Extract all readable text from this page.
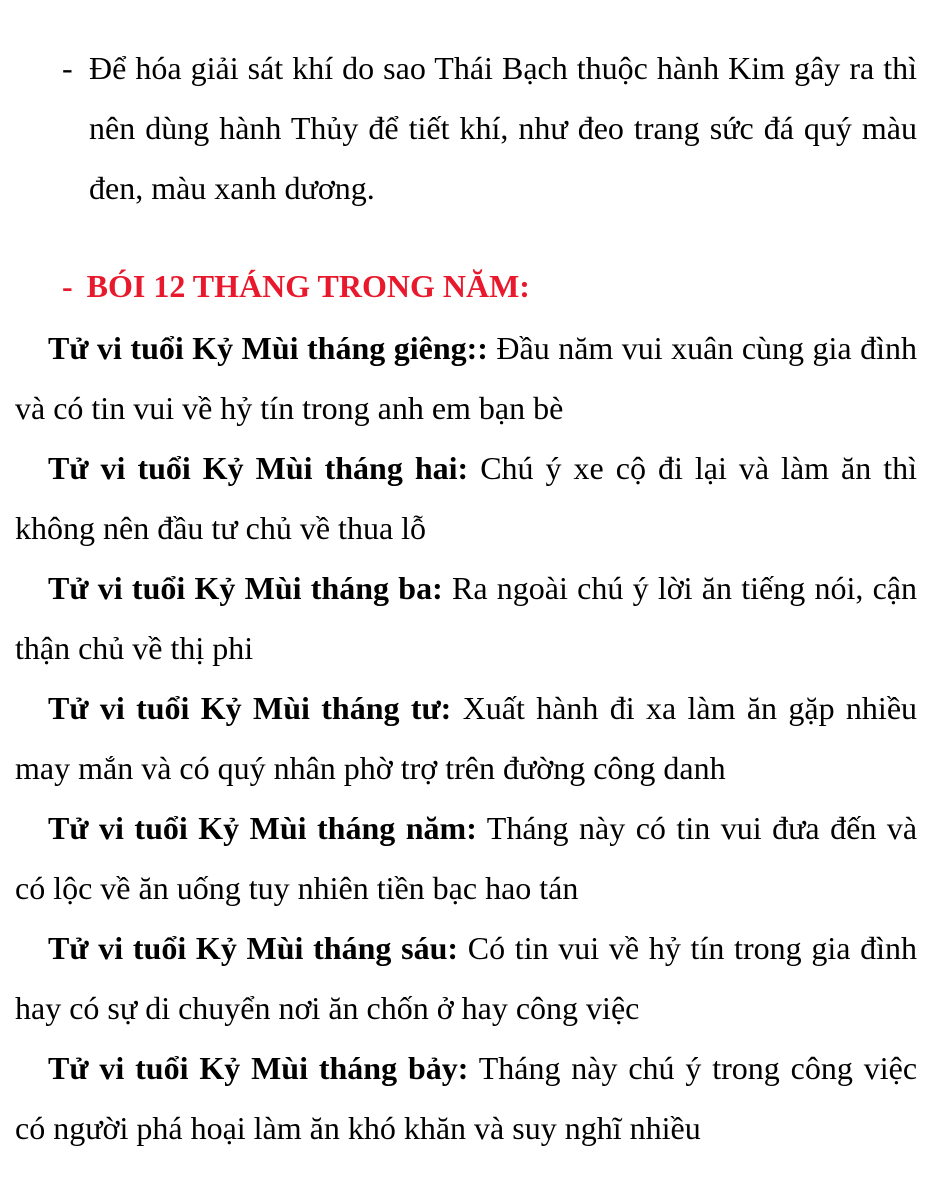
- Để hóa giải sát khí do sao Thái Bạch thuộc hành Kim gây ra thì nên dùng hành Thủy để tiết khí, như đeo trang sức đá quý màu đen, màu xanh dương.
- BÓI 12 THÁNG TRONG NĂM:

Tử vi tuổi Kỷ Mùi tháng giêng:: Đầu năm vui xuân cùng gia đình và có tin vui về hỷ tín trong anh em bạn bè

Tử vi tuổi Kỷ Mùi tháng hai: Chú ý xe cộ đi lại và làm ăn thì không nên đầu tư chủ về thua lỗ

Tử vi tuổi Kỷ Mùi tháng ba: Ra ngoài chú ý lời ăn tiếng nói, cận thận chủ về thị phi

Tử vi tuổi Kỷ Mùi tháng tư: Xuất hành đi xa làm ăn gặp nhiều may mắn và có quý nhân phờ trợ trên đường công danh

Tử vi tuổi Kỷ Mùi tháng năm: Tháng này có tin vui đưa đến và có lộc về ăn uống tuy nhiên tiền bạc hao tán

Tử vi tuổi Kỷ Mùi tháng sáu: Có tin vui về hỷ tín trong gia đình hay có sự di chuyển nơi ăn chốn ở hay công việc

Tử vi tuổi Kỷ Mùi tháng bảy: Tháng này chú ý trong công việc có người phá hoại làm ăn khó khăn và suy nghĩ nhiều
